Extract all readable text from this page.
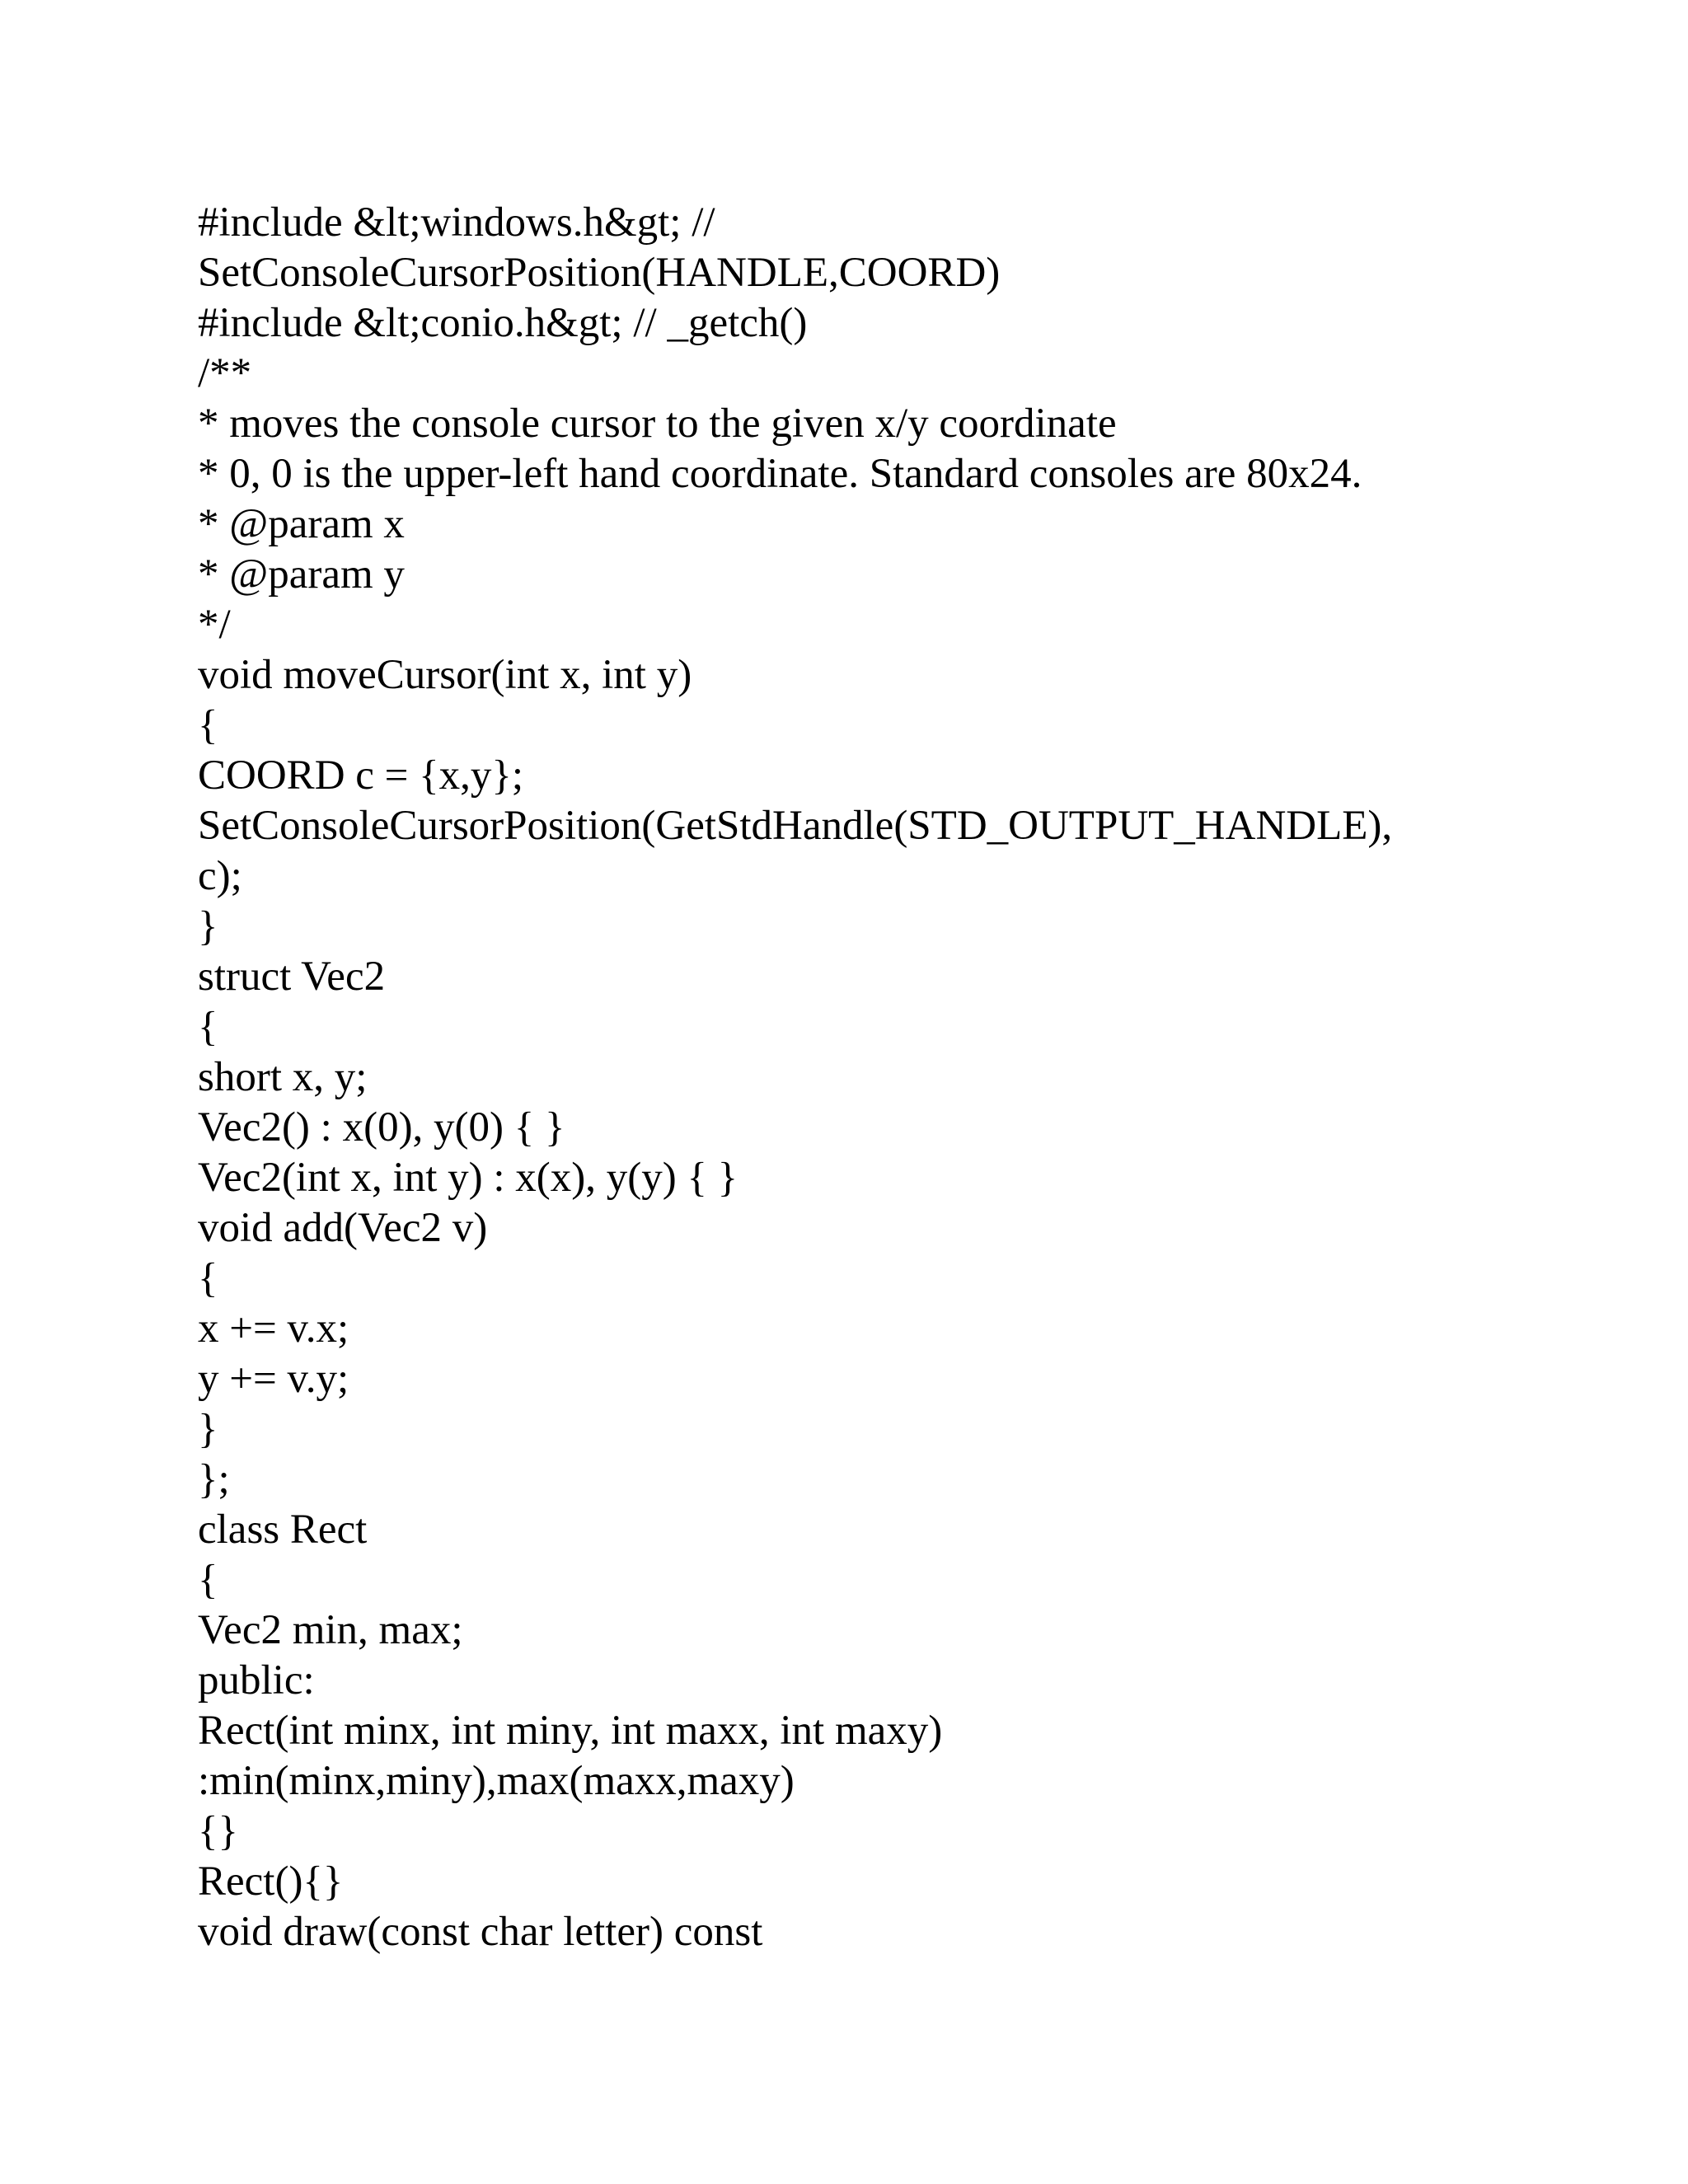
#include &lt;windows.h&gt; //
SetConsoleCursorPosition(HANDLE,COORD)
#include &lt;conio.h&gt; // _getch()
/**
* moves the console cursor to the given x/y coordinate
* 0, 0 is the upper-left hand coordinate. Standard consoles are 80x24.
* @param x
* @param y
*/
void moveCursor(int x, int y)
{
COORD c = {x,y};
SetConsoleCursorPosition(GetStdHandle(STD_OUTPUT_HANDLE),
c);
}
struct Vec2
{
short x, y;
Vec2() : x(0), y(0) { }
Vec2(int x, int y) : x(x), y(y) { }
void add(Vec2 v)
{
x += v.x;
y += v.y;
}
};
class Rect
{
Vec2 min, max;
public:
Rect(int minx, int miny, int maxx, int maxy)
:min(minx,miny),max(maxx,maxy)
{}
Rect(){}
void draw(const char letter) const
